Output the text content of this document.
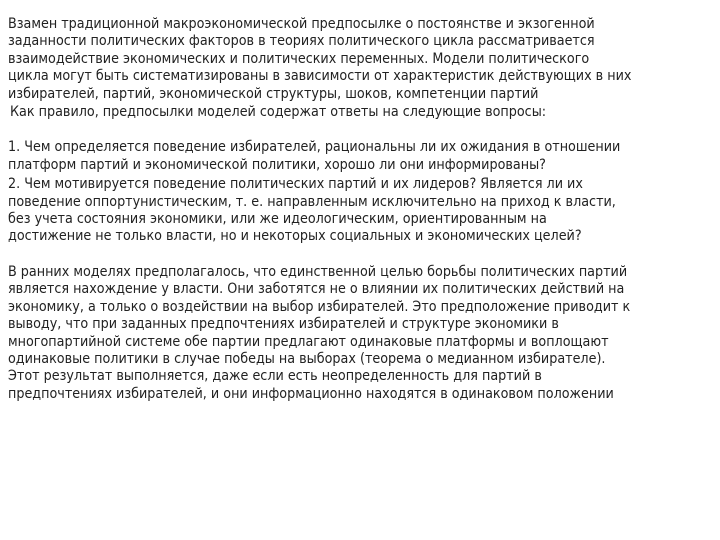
Взамен традиционной макроэкономической предпосылке о постоянстве и экзогенной
заданности политических факторов в теориях политического цикла рассматривается
взаимодействие экономических и политических переменных. Модели политического
цикла могут быть систематизированы в зависимости от характеристик действующих в них
избирателей, партий, экономической структуры, шоков, компетенции партий
Как правило, предпосылки моделей содержат ответы на следующие вопросы:
1. Чем определяется поведение избирателей, рациональны ли их ожидания в отношении
платформ партий и экономической политики, хорошо ли они информированы?
2. Чем мотивируется поведение политических партий и их лидеров? Является ли их
поведение оппортунистическим, т. е. направленным исключительно на приход к власти,
без учета состояния экономики, или же идеологическим, ориентированным на
достижение не только власти, но и некоторых социальных и экономических целей?
В ранних моделях предполагалось, что единственной целью борьбы политических партий
является нахождение у власти. Они заботятся не о влиянии их политических действий на
экономику, а только о воздействии на выбор избирателей. Это предположение приводит к
выводу, что при заданных предпочтениях избирателей и структуре экономики в
многопартийной системе обе партии предлагают одинаковые платформы и воплощают
одинаковые политики в случае победы на выборах (теорема о медианном избирателе).
Этот результат выполняется, даже если есть неопределенность для партий в
предпочтениях избирателей, и они информационно находятся в одинаковом положении
